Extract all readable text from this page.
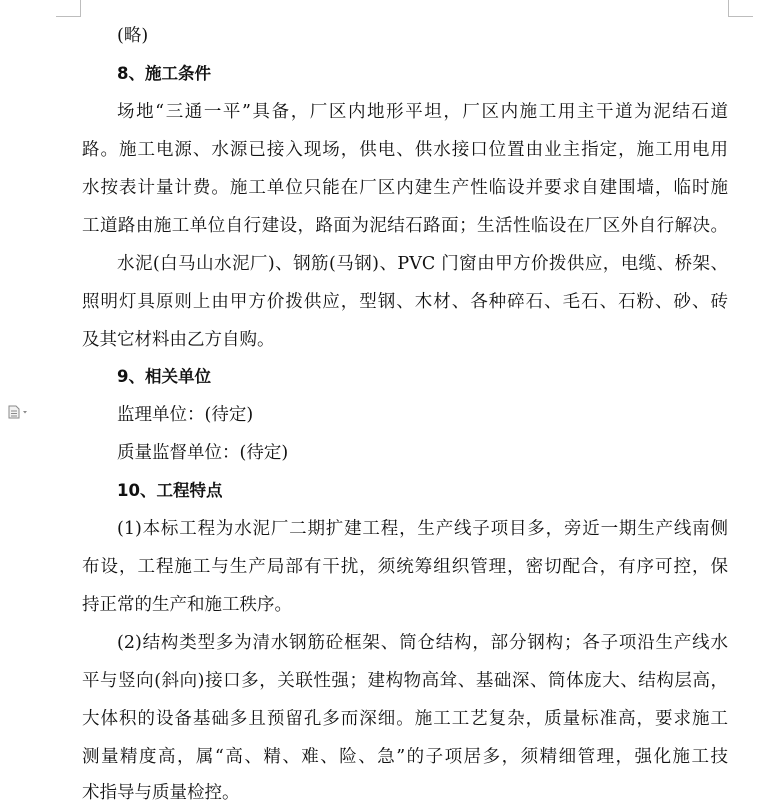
(略)
8、施工条件
场地“三通一平”具备，厂区内地形平坦，厂区内施工用主干道为泥结石道
路。施工电源、水源已接入现场，供电、供水接口位置由业主指定，施工用电用
水按表计量计费。施工单位只能在厂区内建生产性临设并要求自建围墙，临时施
工道路由施工单位自行建设，路面为泥结石路面；生活性临设在厂区外自行解决。
水泥(白马山水泥厂)、钢筋(马钢)、PVC 门窗由甲方价拨供应，电缆、桥架、
照明灯具原则上由甲方价拨供应，型钢、木材、各种碎石、毛石、石粉、砂、砖
及其它材料由乙方自购。
9、相关单位
监理单位：(待定)
质量监督单位：(待定)
10、工程特点
(1)本标工程为水泥厂二期扩建工程，生产线子项目多，旁近一期生产线南侧
布设，工程施工与生产局部有干扰，须统筹组织管理，密切配合，有序可控，保
持正常的生产和施工秩序。
(2)结构类型多为清水钢筋砼框架、筒仓结构，部分钢构；各子项沿生产线水
平与竖向(斜向)接口多，关联性强；建构物高耸、基础深、筒体庞大、结构层高，
大体积的设备基础多且预留孔多而深细。施工工艺复杂，质量标准高，要求施工
测量精度高，属“高、精、难、险、急”的子项居多，须精细管理，强化施工技
术指导与质量检控。
